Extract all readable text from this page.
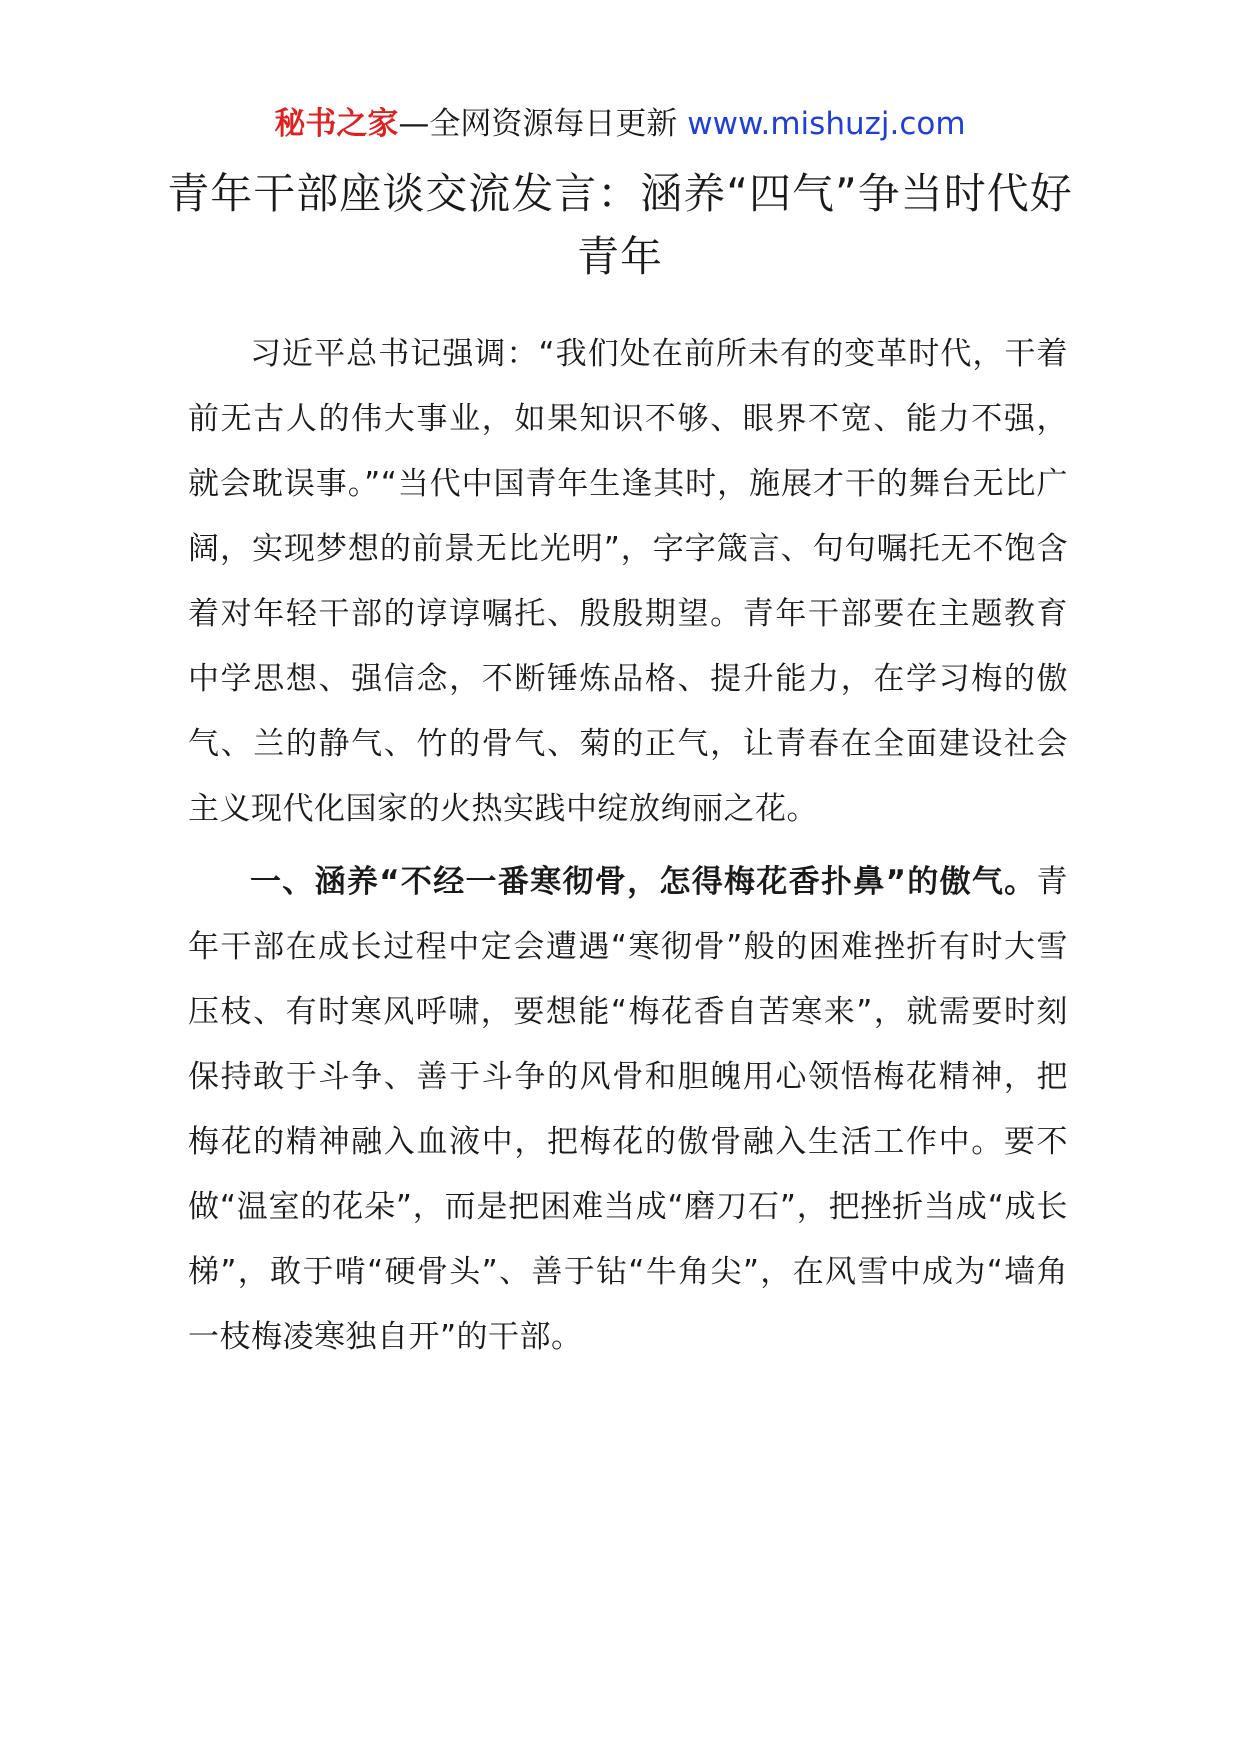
秘书之家—全网资源每日更新 www.mishuzj.com
青年干部座谈交流发言：涵养“四气”争当时代好青年

习近平总书记强调：“我们处在前所未有的变革时代，干着前无古人的伟大事业，如果知识不够、眼界不宽、能力不强，就会耽误事。”“当代中国青年生逢其时，施展才干的舞台无比广阔，实现梦想的前景无比光明”，字字箴言、句句嘱托无不饱含着对年轻干部的谆谆嘱托、殷殷期望。青年干部要在主题教育中学思想、强信念，不断锤炼品格、提升能力，在学习梅的傲气、兰的静气、竹的骨气、菊的正气，让青春在全面建设社会主义现代化国家的火热实践中绽放绚丽之花。

一、涵养“不经一番寒彻骨，怎得梅花香扑鼻”的傲气。青年干部在成长过程中定会遭遇“寒彻骨”般的困难挫折有时大雪压枝、有时寒风呼啸，要想能“梅花香自苦寒来”，就需要时刻保持敢于斗争、善于斗争的风骨和胆魄用心领悟梅花精神，把梅花的精神融入血液中，把梅花的傲骨融入生活工作中。要不做“温室的花朵”，而是把困难当成“磨刀石”，把挫折当成“成长梯”，敢于啃“硬骨头”、善于钻“牛角尖”，在风雪中成为“墙角一枝梅凌寒独自开”的干部。
